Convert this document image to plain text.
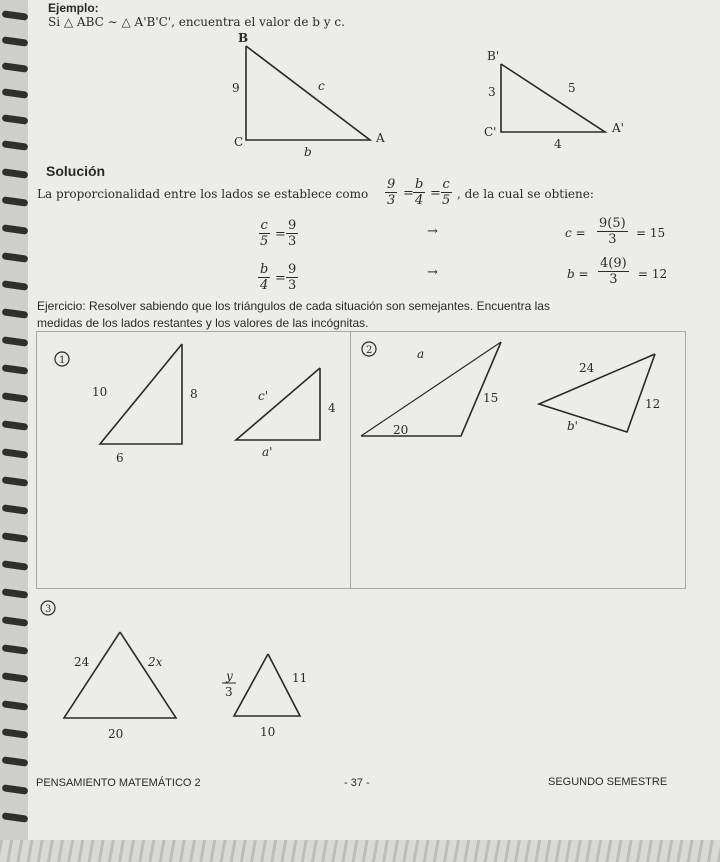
Ejemplo:
Si △ ABC ∼ △ A'B'C', encuentra el valor de b y c.
B
C	A
9	c
b
B'
C'	A'
3	5
4
Solución
La proporcionalidad entre los lados se establece como $\frac{9}{3} = \frac{b}{4} = \frac{c}{5}$ , de la cual se obtiene:
$\frac{c}{5} = \frac{9}{3}$	→	$c = \frac{9(5)}{3} = 15$
$\frac{b}{4} = \frac{9}{3}$	→	$b = \frac{4(9)}{3} = 12$
Ejercicio: Resolver sabiendo que los triángulos de cada situación son semejantes. Encuentra las
medidas de los lados restantes y los valores de las incógnitas.
1
10	8
6
c'
4
a'
2	a
15
20
24
12
b'
3
24	2x
20
y
3
11
10
PENSAMIENTO MATEMÁTICO 2	- 37 -	SEGUNDO SEMESTRE
